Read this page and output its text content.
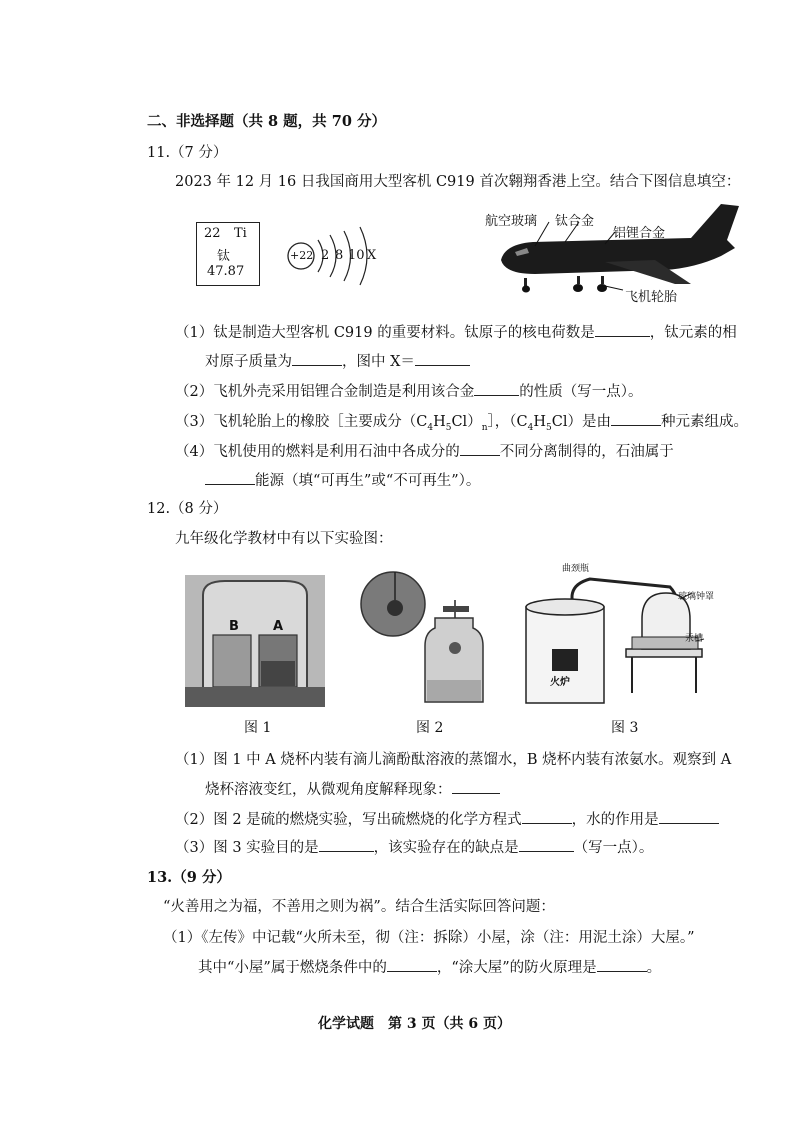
二、非选择题（共 8 题，共 70 分）
11.（7 分）
2023 年 12 月 16 日我国商用大型客机 C919 首次翱翔香港上空。结合下图信息填空：
22 Ti
钛
47.87
+22 2 8 10 X
航空玻璃 钛合金
铝锂合金
飞机轮胎
（1）钛是制造大型客机 C919 的重要材料。钛原子的核电荷数是	，钛元素的相
对原子质量为	，图中 X＝
（2）飞机外壳采用铝锂合金制造是利用该合金	的性质（写一点）。
（3）飞机轮胎上的橡胶［主要成分$(C_4H_5Cl)_n]$，$(C_4H_5Cl)$是由	种元素组成。
（4）飞机使用的燃料是利用石油中各成分的	不同分离制得的，石油属于
能源（填“可再生”或“不可再生”）。
12.（8 分）
九年级化学教材中有以下实验图：
B	A
图 1	图 2
曲颈瓶
玻璃钟罩
汞槽
火炉
图 3
（1）图 1 中 A 烧杯内装有滴儿滴酚酞溶液的蒸馏水，B 烧杯内装有浓氨水。观察到 A
烧杯溶液变红，从微观角度解释现象：
（2）图 2 是硫的燃烧实验，写出硫燃烧的化学方程式	，水的作用是
（3）图 3 实验目的是	，该实验存在的缺点是	（写一点）。
13.（9 分）
“火善用之为福，不善用之则为祸”。结合生活实际回答问题：
（1）《左传》中记载“火所未至，彻（注：拆除）小屋，涂（注：用泥土涂）大屋。”
其中“小屋”属于燃烧条件中的	，“涂大屋”的防火原理是	。
化学试题　第 3 页（共 6 页）
